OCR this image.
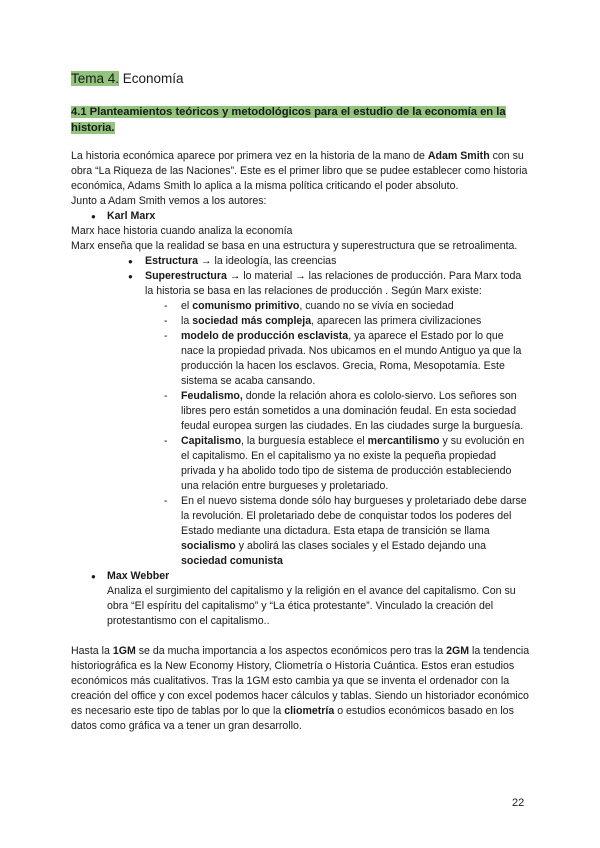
Tema 4. Economía
4.1 Planteamientos teóricos y metodológicos para el estudio de la economía en la historia.

La historia económica aparece por primera vez en la historia de la mano de Adam Smith con su obra “La Riqueza de las Naciones”. Este es el primer libro que se pudee establecer como historia económica, Adams Smith lo aplica a la misma política criticando el poder absoluto.

Junto a Adam Smith vemos a los autores:

● Karl Marx

Marx hace historia cuando analiza la economía

Marx enseña que la realidad se basa en una estructura y superestructura que se retroalimenta.

● Estructura → la ideología, las creencias
● Superestructura → lo material → las relaciones de producción. Para Marx toda la historia se basa en las relaciones de producción . Según Marx existe:
- el comunismo primitivo, cuando no se vivía en sociedad
- la sociedad más compleja, aparecen las primera civilizaciones
- modelo de producción esclavista, ya aparece el Estado por lo que nace la propiedad privada. Nos ubicamos en el mundo Antiguo ya que la producción la hacen los esclavos. Grecia, Roma, Mesopotamía. Este sistema se acaba cansando.
- Feudalismo, donde la relación ahora es cololo-siervo. Los señores son libres pero están sometidos a una dominación feudal. En esta sociedad feudal europea surgen las ciudades. En las ciudades surge la burguesía.
- Capitalismo, la burguesía establece el mercantilismo y su evolución en el capitalismo. En el capitalismo ya no existe la pequeña propiedad privada y ha abolido todo tipo de sistema de producción estableciendo una relación entre burgueses y proletariado.
- En el nuevo sistema donde sólo hay burgueses y proletariado debe darse la revolución. El proletariado debe de conquistar todos los poderes del Estado mediante una dictadura. Esta etapa de transición se llama socialismo y abolirá las clases sociales y el Estado dejando una sociedad comunista
● Max Webber

Analiza el surgimiento del capitalismo y la religión en el avance del capitalismo. Con su obra “El espíritu del capitalismo” y “La ética protestante”. Vinculado la creación del protestantismo con el capitalismo..

Hasta la 1GM se da mucha importancia a los aspectos económicos pero tras la 2GM la tendencia historiográfica es la New Economy History, Cliometría o Historia Cuántica. Estos eran estudios económicos más cualitativos. Tras la 1GM esto cambia ya que se inventa el ordenador con la creación del office y con excel podemos hacer cálculos y tablas. Siendo un historiador económico es necesario este tipo de tablas por lo que la cliometría o estudios económicos basado en los datos como gráfica va a tener un gran desarrollo.

22
